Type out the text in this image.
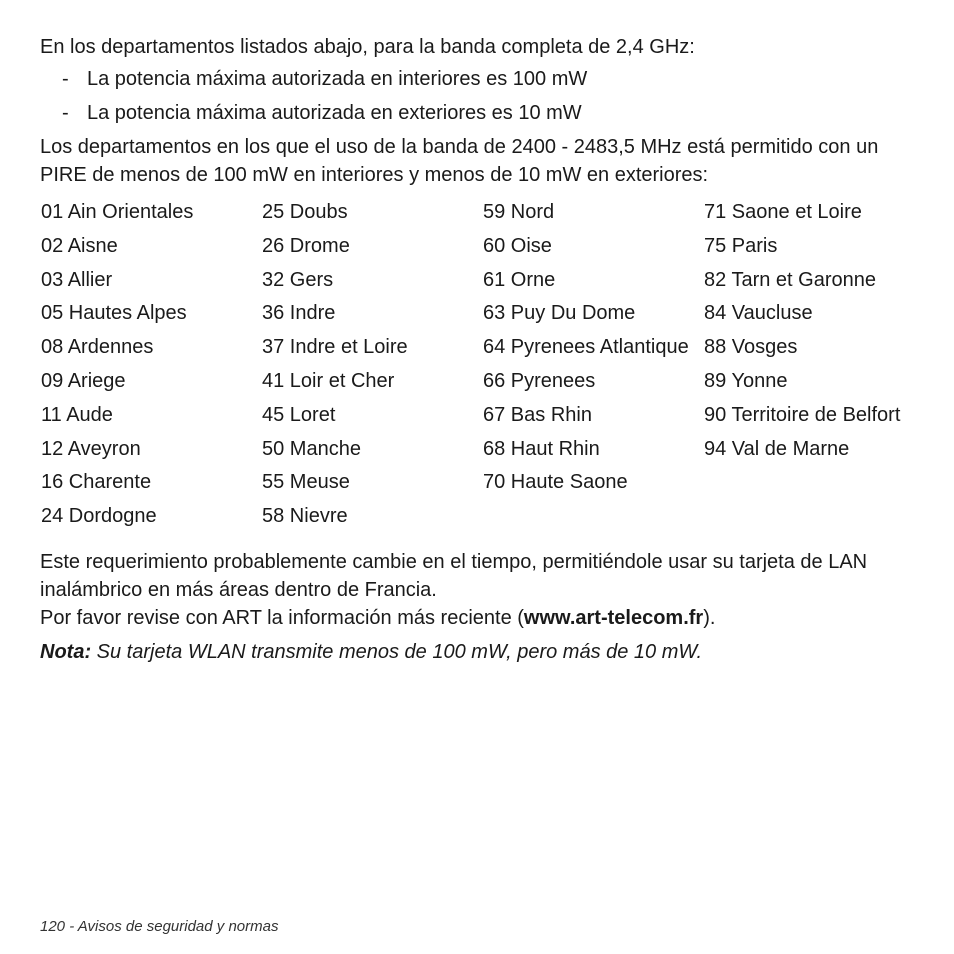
En los departamentos listados abajo, para la banda completa de 2,4 GHz:

- La potencia máxima autorizada en interiores es 100 mW
- La potencia máxima autorizada en exteriores es 10 mW

Los departamentos en los que el uso de la banda de 2400 - 2483,5 MHz está permitido con un PIRE de menos de 100 mW en interiores y menos de 10 mW en exteriores:

01 Ain Orientales
02 Aisne
03 Allier
05 Hautes Alpes
08 Ardennes
09 Ariege
11 Aude
12 Aveyron
16 Charente
24 Dordogne
25 Doubs
26 Drome
32 Gers
36 Indre
37 Indre et Loire
41 Loir et Cher
45 Loret
50 Manche
55 Meuse
58 Nievre
59 Nord
60 Oise
61 Orne
63 Puy Du Dome
64 Pyrenees Atlantique
66 Pyrenees
67 Bas Rhin
68 Haut Rhin
70 Haute Saone
71 Saone et Loire
75 Paris
82 Tarn et Garonne
84 Vaucluse
88 Vosges
89 Yonne
90 Territoire de Belfort
94 Val de Marne

Este requerimiento probablemente cambie en el tiempo, permitiéndole usar su tarjeta de LAN inalámbrico en más áreas dentro de Francia.

Por favor revise con ART la información más reciente (www.art-telecom.fr).

Nota: Su tarjeta WLAN transmite menos de 100 mW, pero más de 10 mW.

120 - Avisos de seguridad y normas
